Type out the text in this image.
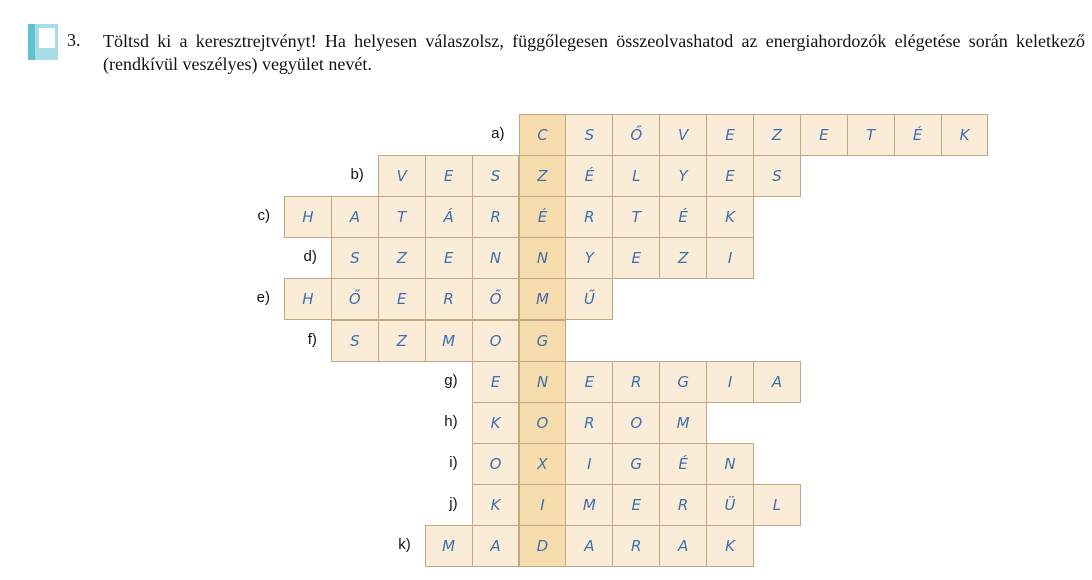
3. Töltsd ki a keresztrejtvényt! Ha helyesen válaszolsz, függőlegesen összeolvashatod az energiahordozók elégetése során keletkező (rendkívül veszélyes) vegyület nevét.
a) C S Ő V E Z E	T	É K
b) V E S Z É	L	Y	E S
c) H A T Á R É R T	É K
d) S Z E N N Y	E Z	I
e) H Ő E R Ő M Ű
f) S Z M O G
g) E N E R G	I	A
h) K O R O M
i) O X	I	G É N
j) K	I	M E R Ü L
k) M A D A R A K
